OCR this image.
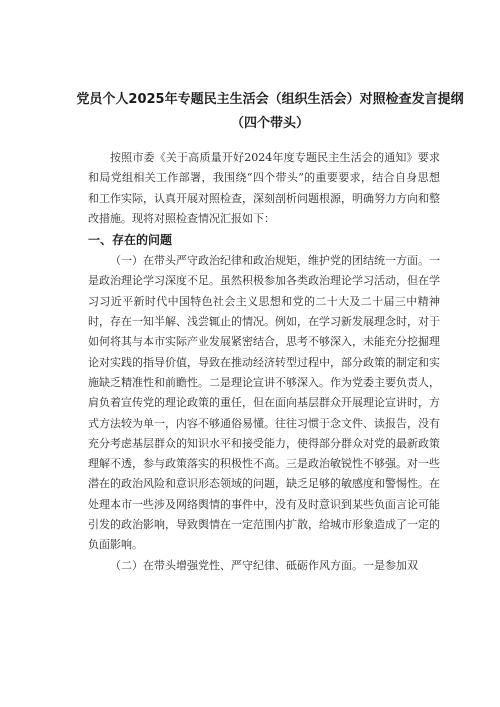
党员个人2025年专题民主生活会（组织生活会）对照检查发言提纲
（四个带头）

按照市委《关于高质量开好2024年度专题民主生活会的通知》要求和局党组相关工作部署，我围绕“四个带头”的重要要求，结合自身思想和工作实际，认真开展对照检查，深刻剖析问题根源，明确努力方向和整改措施。现将对照检查情况汇报如下：

一、存在的问题

（一）在带头严守政治纪律和政治规矩，维护党的团结统一方面。一是政治理论学习深度不足。虽然积极参加各类政治理论学习活动，但在学习习近平新时代中国特色社会主义思想和党的二十大及二十届三中精神时，存在一知半解、浅尝辄止的情况。例如，在学习新发展理念时，对于如何将其与本市实际产业发展紧密结合，思考不够深入，未能充分挖掘理论对实践的指导价值，导致在推动经济转型过程中，部分政策的制定和实施缺乏精准性和前瞻性。二是理论宣讲不够深入。作为党委主要负责人，肩负着宣传党的理论政策的重任，但在面向基层群众开展理论宣讲时，方式方法较为单一，内容不够通俗易懂。往往习惯于念文件、读报告，没有充分考虑基层群众的知识水平和接受能力，使得部分群众对党的最新政策理解不透，参与政策落实的积极性不高。三是政治敏锐性不够强。对一些潜在的政治风险和意识形态领域的问题，缺乏足够的敏感度和警惕性。在处理本市一些涉及网络舆情的事件中，没有及时意识到某些负面言论可能引发的政治影响，导致舆情在一定范围内扩散，给城市形象造成了一定的负面影响。

（二）在带头增强党性、严守纪律、砥砺作风方面。一是参加双
